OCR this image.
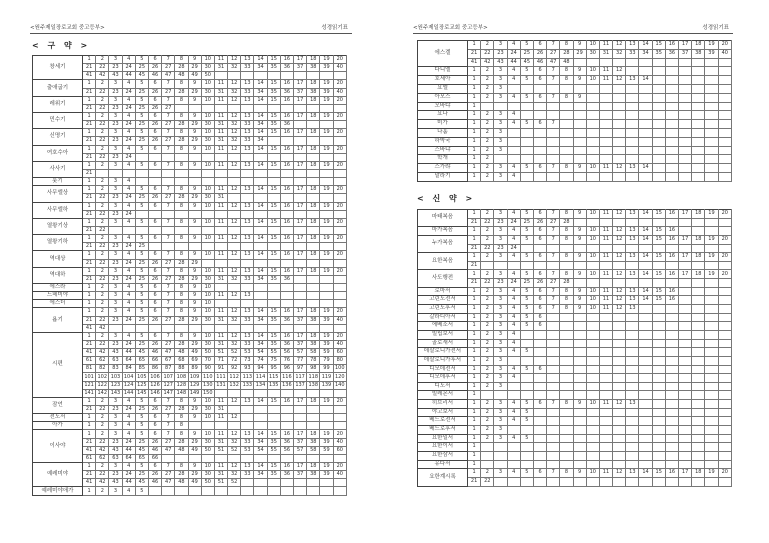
<원주제일장로교회 중고등부>	성경읽기표
< 구 약 >
창세기	1	2	3	4	5	6	7	8	9	10	11	12	13	14	15	16	17	18	19	20
	21	22	23	24	25	26	27	28	29	30	31	32	33	34	35	36	37	38	39	40
	41	42	43	44	45	46	47	48	49	50										
출애굽기	1	2	3	4	5	6	7	8	9	10	11	12	13	14	15	16	17	18	19	20
	21	22	23	24	25	26	27	28	29	30	31	32	33	34	35	36	37	38	39	40
레위기	1	2	3	4	5	6	7	8	9	10	11	12	13	14	15	16	17	18	19	20
	21	22	23	24	25	26	27													
민수기	1	2	3	4	5	6	7	8	9	10	11	12	13	14	15	16	17	18	19	20
	21	22	23	24	25	26	27	28	29	30	31	32	33	34	35	36				
신명기	1	2	3	4	5	6	7	8	9	10	11	12	13	14	15	16	17	18	19	20
	21	22	23	24	25	26	27	28	29	30	31	32	33	34						
여호수아	1	2	3	4	5	6	7	8	9	10	11	12	13	14	15	16	17	18	19	20
	21	22	23	24																
사사기	1	2	3	4	5	6	7	8	9	10	11	12	13	14	15	16	17	18	19	20
	21																			
룻기	1	2	3	4																
사무엘상	1	2	3	4	5	6	7	8	9	10	11	12	13	14	15	16	17	18	19	20
	21	22	23	24	25	26	27	28	29	30	31									
사무엘하	1	2	3	4	5	6	7	8	9	10	11	12	13	14	15	16	17	18	19	20
	21	22	23	24																
열왕기상	1	2	3	4	5	6	7	8	9	10	11	12	13	14	15	16	17	18	19	20
	21	22																		
열왕기하	1	2	3	4	5	6	7	8	9	10	11	12	13	14	15	16	17	18	19	20
	21	22	23	24	25															
역대상	1	2	3	4	5	6	7	8	9	10	11	12	13	14	15	16	17	18	19	20
	21	22	23	24	25	26	27	28	29											
역대하	1	2	3	4	5	6	7	8	9	10	11	12	13	14	15	16	17	18	19	20
	21	22	23	24	25	26	27	28	29	30	31	32	33	34	35	36				
에스라	1	2	3	4	5	6	7	8	9	10										
느헤미야	1	2	3	4	5	6	7	8	9	10	11	12	13							
에스더	1	2	3	4	5	6	7	8	9	10										
욥기	1	2	3	4	5	6	7	8	9	10	11	12	13	14	15	16	17	18	19	20
	21	22	23	24	25	26	27	28	29	30	31	32	33	34	35	36	37	38	39	40
	41	42																		
시편	1	2	3	4	5	6	7	8	9	10	11	12	13	14	15	16	17	18	19	20
	21	22	23	24	25	26	27	28	29	30	31	32	33	34	35	36	37	38	39	40
	41	42	43	44	45	46	47	48	49	50	51	52	53	54	55	56	57	58	59	60
	61	62	63	64	65	66	67	68	69	70	71	72	73	74	75	76	77	78	79	80
	81	82	83	84	85	86	87	88	89	90	91	92	93	94	95	96	97	98	99	100
	101	102	103	104	105	106	107	108	109	110	111	112	113	114	115	116	117	118	119	120
	121	122	123	124	125	126	127	128	129	130	131	132	133	134	135	136	137	138	139	140
	141	142	143	144	145	146	147	148	149	150										
잠언	1	2	3	4	5	6	7	8	9	10	11	12	13	14	15	16	17	18	19	20
	21	22	23	24	25	26	27	28	29	30	31									
전도서	1	2	3	4	5	6	7	8	9	10	11	12								
아가	1	2	3	4	5	6	7	8												
이사야	1	2	3	4	5	6	7	8	9	10	11	12	13	14	15	16	17	18	19	20
	21	22	23	24	25	26	27	28	29	30	31	32	33	34	35	36	37	38	39	40
	41	42	43	44	45	46	47	48	49	50	51	52	53	54	55	56	57	58	59	60
	61	62	63	64	65	66														
예레미야	1	2	3	4	5	6	7	8	9	10	11	12	13	14	15	16	17	18	19	20
	21	22	23	24	25	26	27	28	29	30	31	32	33	34	35	36	37	38	39	40
	41	42	43	44	45	46	47	48	49	50	51	52								
예레미야애가	1	2	3	4	5															
<원주제일장로교회 중고등부>	성경읽기표
에스겔	1	2	3	4	5	6	7	8	9	10	11	12	13	14	15	16	17	18	19	20
	21	22	23	24	25	26	27	28	29	30	31	32	33	34	35	36	37	38	39	40
	41	42	43	44	45	46	47	48												
다니엘	1	2	3	4	5	6	7	8	9	10	11	12								
호세아	1	2	3	4	5	6	7	8	9	10	11	12	13	14						
요엘	1	2	3																	
아모스	1	2	3	4	5	6	7	8	9											
오바댜	1																			
요나	1	2	3	4																
미가	1	2	3	4	5	6	7													
나훔	1	2	3																	
하박국	1	2	3																	
스바냐	1	2	3																	
학개	1	2																		
스가랴	1	2	3	4	5	6	7	8	9	10	11	12	13	14						
말라기	1	2	3	4																
< 신 약 >
마태복음	1	2	3	4	5	6	7	8	9	10	11	12	13	14	15	16	17	18	19	20
	21	22	23	24	25	26	27	28												
마가복음	1	2	3	4	5	6	7	8	9	10	11	12	13	14	15	16				
누가복음	1	2	3	4	5	6	7	8	9	10	11	12	13	14	15	16	17	18	19	20
	21	22	23	24																
요한복음	1	2	3	4	5	6	7	8	9	10	11	12	13	14	15	16	17	18	19	20
	21																			
사도행전	1	2	3	4	5	6	7	8	9	10	11	12	13	14	15	16	17	18	19	20
	21	22	23	24	25	26	27	28												
로마서	1	2	3	4	5	6	7	8	9	10	11	12	13	14	15	16				
고린도전서	1	2	3	4	5	6	7	8	9	10	11	12	13	14	15	16				
고린도후서	1	2	3	4	5	6	7	8	9	10	11	12	13							
갈라디아서	1	2	3	4	5	6														
에베소서	1	2	3	4	5	6														
빌립보서	1	2	3	4																
골로새서	1	2	3	4																
데살로니가전서	1	2	3	4	5															
데살로니가후서	1	2	3																	
디모데전서	1	2	3	4	5	6														
디모데후서	1	2	3	4																
디도서	1	2	3																	
빌레몬서	1																			
히브리서	1	2	3	4	5	6	7	8	9	10	11	12	13							
야고보서	1	2	3	4	5															
베드로전서	1	2	3	4	5															
베드로후서	1	2	3																	
요한일서	1	2	3	4	5															
요한이서	1																			
요한삼서	1																			
유다서	1																			
요한계시록	1	2	3	4	5	6	7	8	9	10	11	12	13	14	15	16	17	18	19	20
	21	22																		
